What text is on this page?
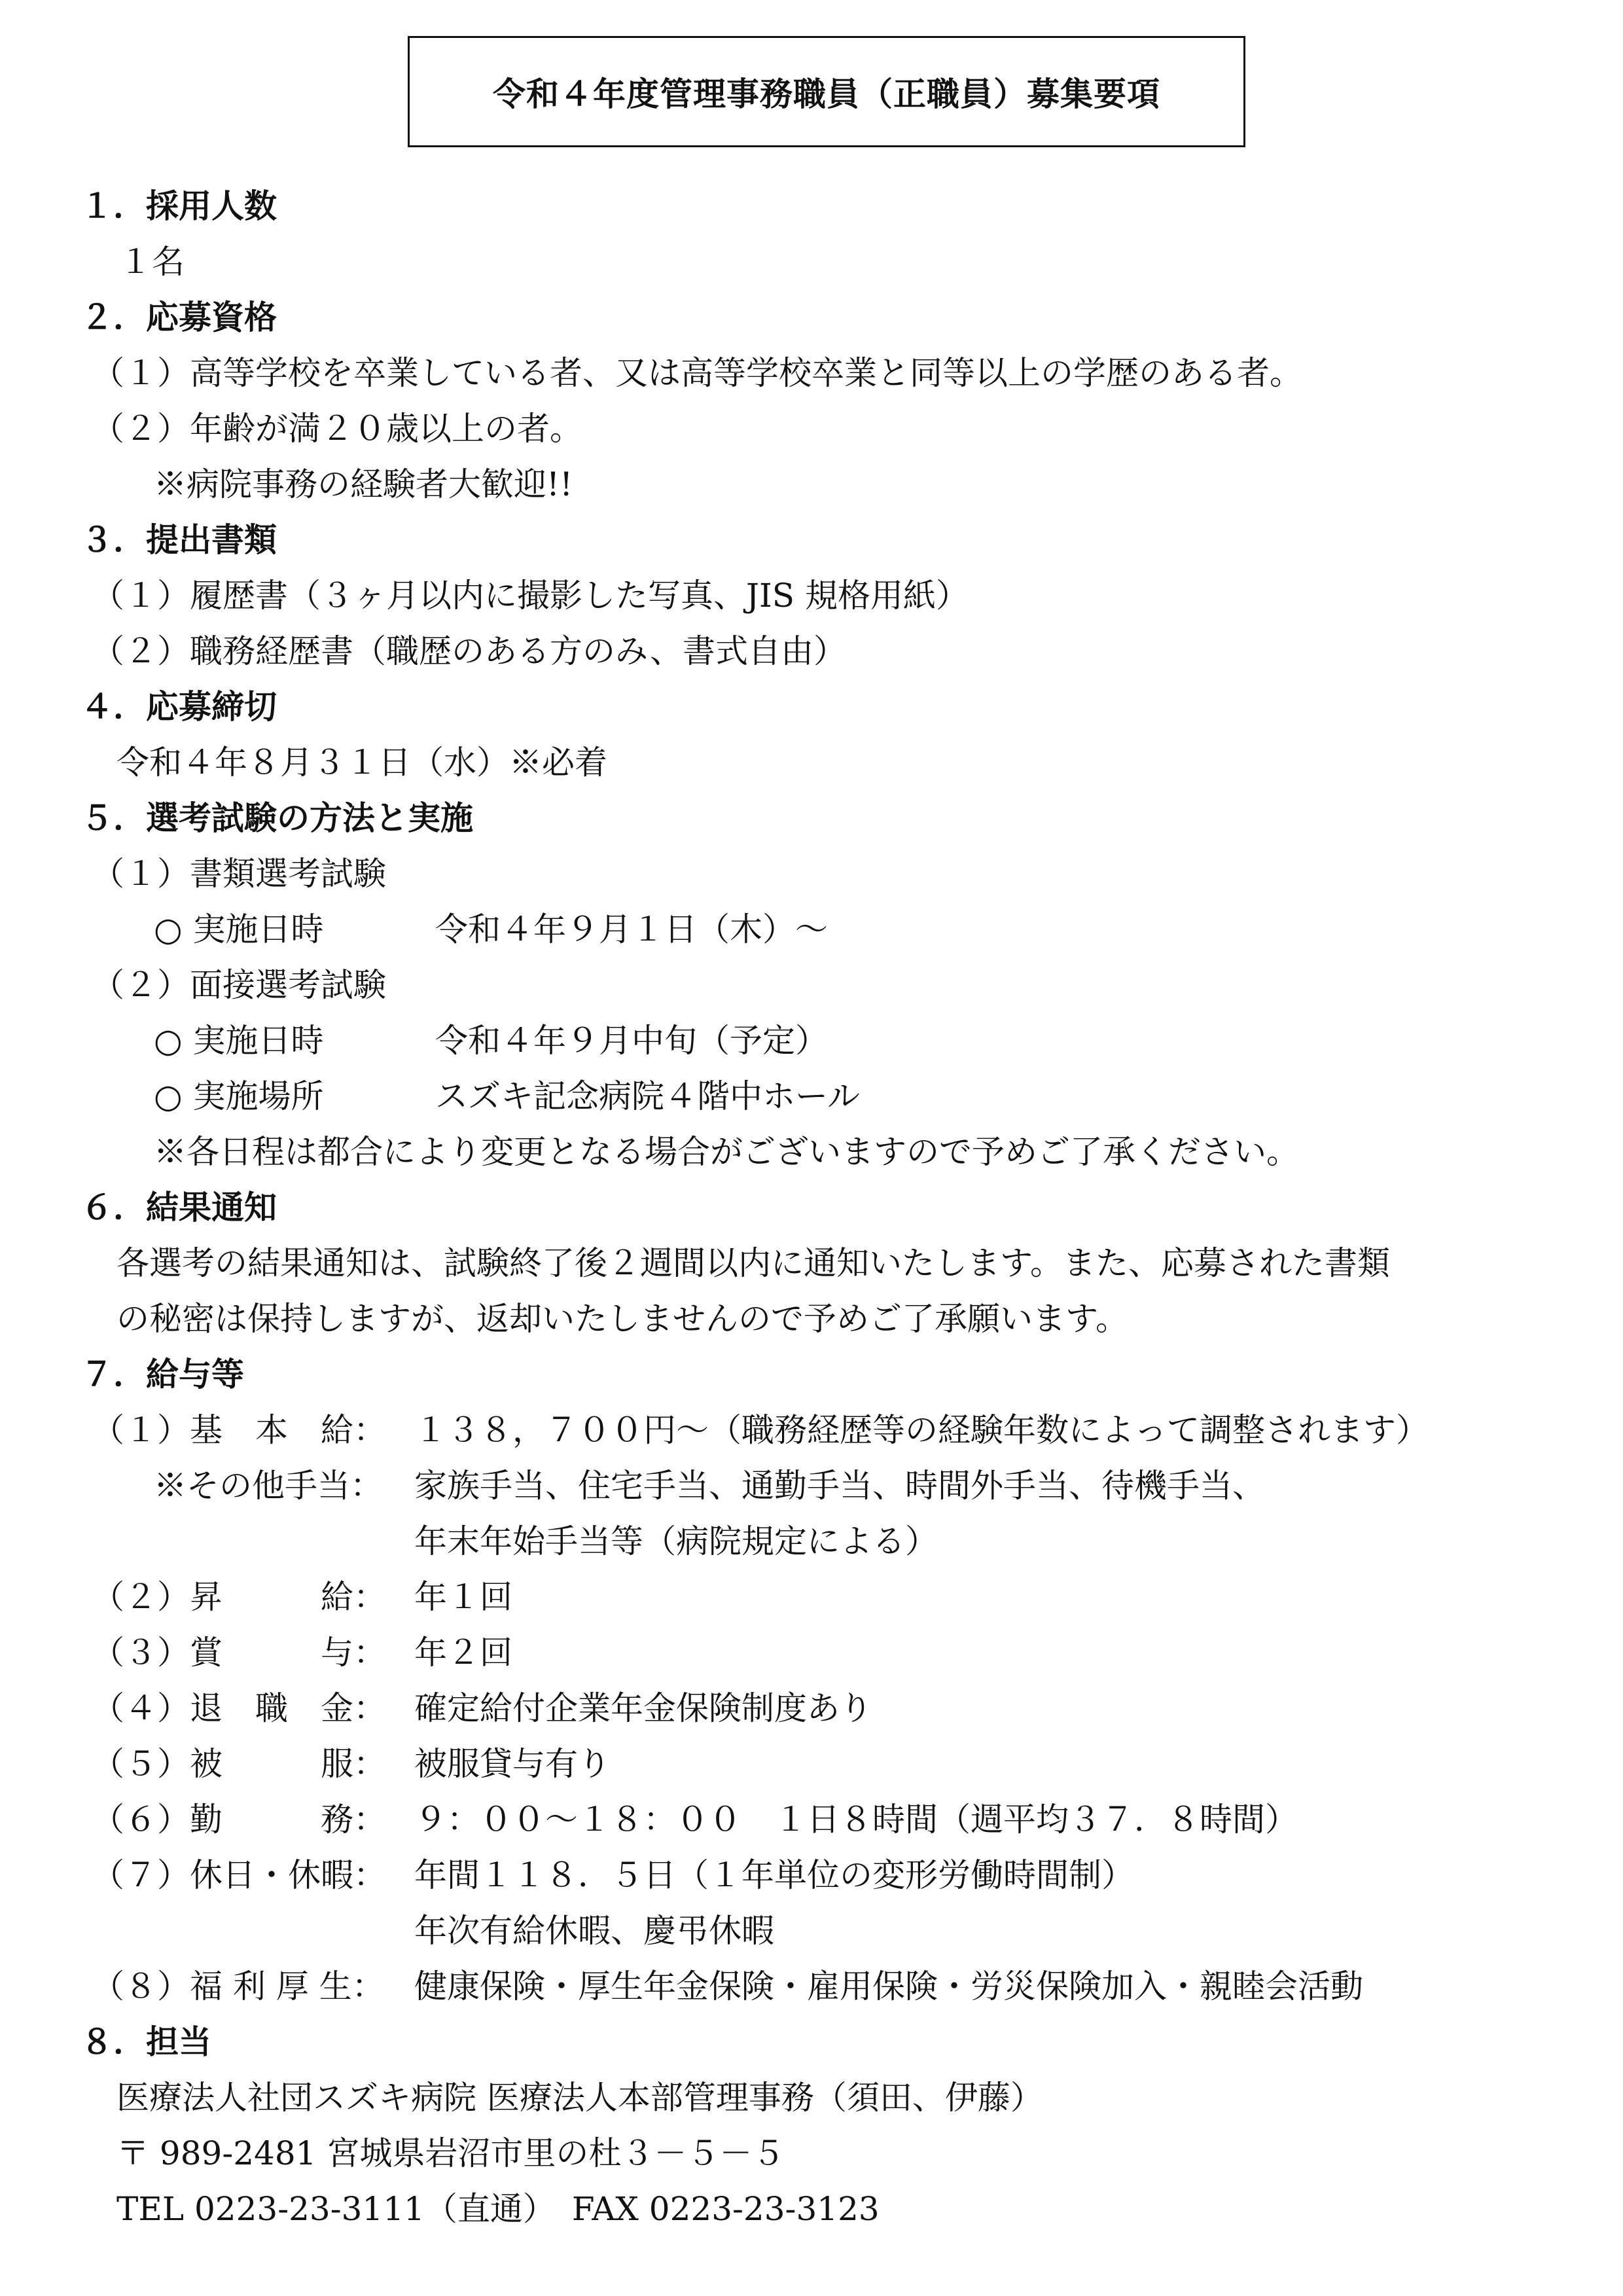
令和４年度管理事務職員（正職員）募集要項
１．採用人数
１名
２．応募資格
（１）高等学校を卒業している者、又は高等学校卒業と同等以上の学歴のある者。
（２）年齢が満２０歳以上の者。
※病院事務の経験者大歓迎!!
３．提出書類
（１）履歴書（３ヶ月以内に撮影した写真、JIS 規格用紙）
（２）職務経歴書（職歴のある方のみ、書式自由）
４．応募締切
令和４年８月３１日（水）※必着
５．選考試験の方法と実施
（１）書類選考試験
○ 実施日時	令和４年９月１日（木）～
（２）面接選考試験
○ 実施日時	令和４年９月中旬（予定）
○ 実施場所	スズキ記念病院４階中ホール
※各日程は都合により変更となる場合がございますので予めご了承ください。
６．結果通知
各選考の結果通知は、試験終了後２週間以内に通知いたします。また、応募された書類
の秘密は保持しますが、返却いたしませんので予めご了承願います。
７．給与等
（１）基　本　給： １３８，７００円～（職務経歴等の経験年数によって調整されます）
※その他手当： 家族手当、住宅手当、通勤手当、時間外手当、待機手当、
年末年始手当等（病院規定による）
（２）昇　　　給： 年１回
（３）賞　　　与： 年２回
（４）退　職　金： 確定給付企業年金保険制度あり
（５）被　　　服： 被服貸与有り
（６）勤　　　務： ９：００～１８：００　１日８時間（週平均３７．８時間）
（７）休日・休暇： 年間１１８．５日（１年単位の変形労働時間制）
年次有給休暇、慶弔休暇
（８）福 利 厚 生： 健康保険・厚生年金保険・雇用保険・労災保険加入・親睦会活動
８．担当
医療法人社団スズキ病院 医療法人本部管理事務（須田、伊藤）
〒 989-2481 宮城県岩沼市里の杜３－５－５
TEL 0223-23-3111（直通）　FAX 0223-23-3123
